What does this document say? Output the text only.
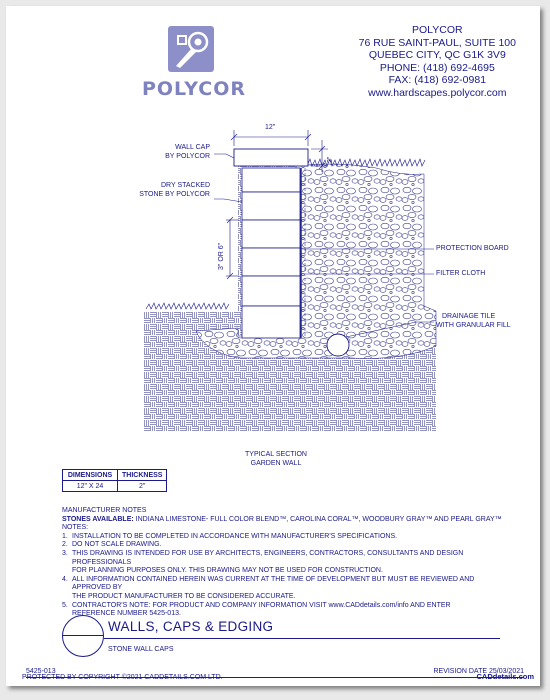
POLYCOR
POLYCOR
76 RUE SAINT-PAUL, SUITE 100
QUEBEC CITY, QC G1K 3V9
PHONE: (418) 692-4695
FAX: (418) 692-0981
www.hardscapes.polycor.com
12"
2"
3" OR 6"
WALL CAP
BY POLYCOR
DRY STACKED
STONE BY POLYCOR
PROTECTION BOARD
FILTER CLOTH
DRAINAGE TILE
WITH GRANULAR FILL
TYPICAL SECTION
GARDEN WALL
DIMENSIONS	THICKNESS
12" X 24	2"
MANUFACTURER NOTES
STONES AVAILABLE: INDIANA LIMESTONE- FULL COLOR BLEND™, CAROLINA CORAL™, WOODBURY GRAY™ AND PEARL GRAY™
NOTES:
1. INSTALLATION TO BE COMPLETED IN ACCORDANCE WITH MANUFACTURER'S SPECIFICATIONS.
2. DO NOT SCALE DRAWING.
3. THIS DRAWING IS INTENDED FOR USE BY ARCHITECTS, ENGINEERS, CONTRACTORS, CONSULTANTS AND DESIGN PROFESSIONALS
FOR PLANNING PURPOSES ONLY. THIS DRAWING MAY NOT BE USED FOR CONSTRUCTION.
4. ALL INFORMATION CONTAINED HEREIN WAS CURRENT AT THE TIME OF DEVELOPMENT BUT MUST BE REVIEWED AND APPROVED BY
THE PRODUCT MANUFACTURER TO BE CONSIDERED ACCURATE.
5. CONTRACTOR'S NOTE: FOR PRODUCT AND COMPANY INFORMATION VISIT www.CADdetails.com/info AND ENTER
REFERENCE NUMBER 5425-013.
WALLS, CAPS & EDGING
STONE WALL CAPS
5425-013	REVISION DATE 25/03/2021
PROTECTED BY COPYRIGHT ©2021 CADDETAILS.COM LTD.	CADdetails.com
